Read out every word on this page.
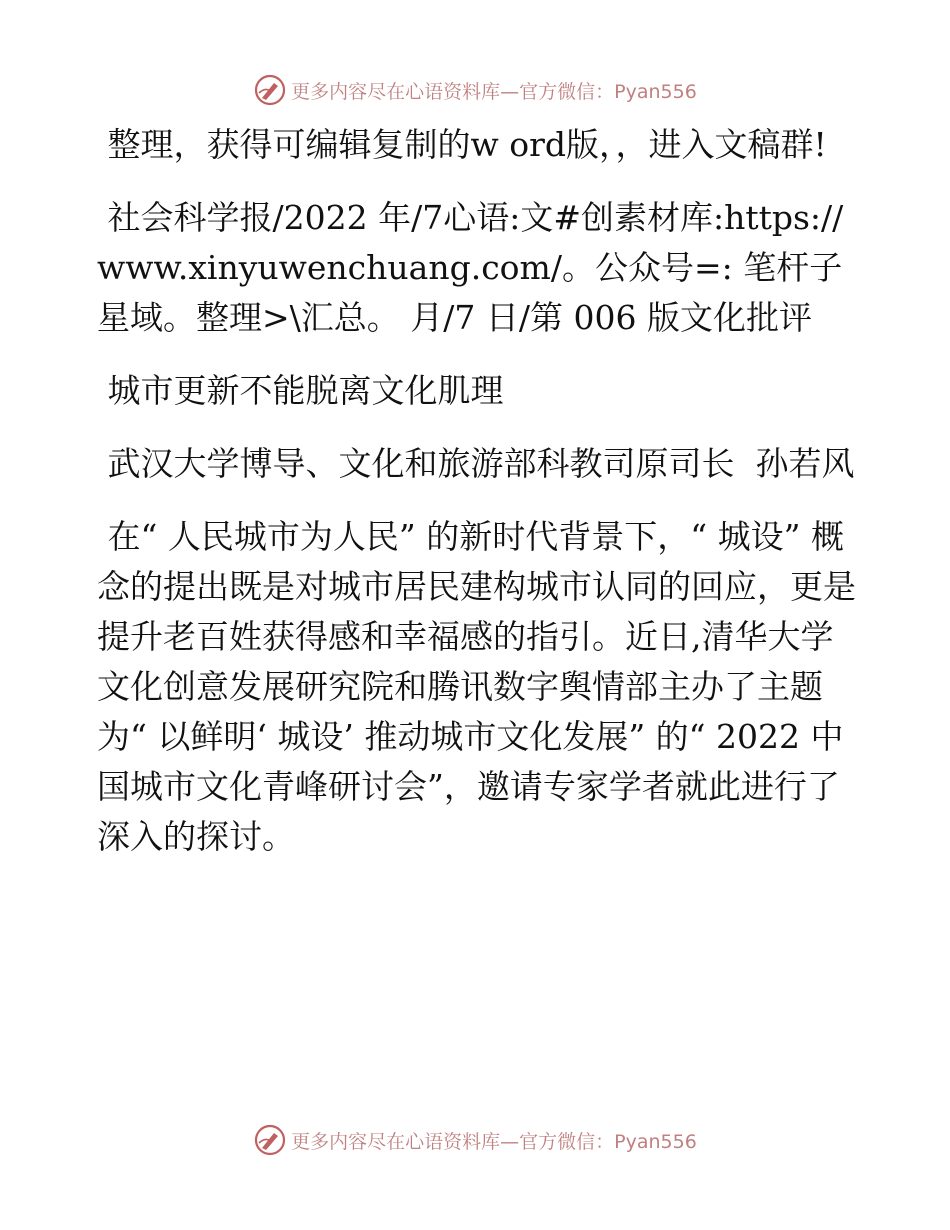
更多内容尽在心语资料库—官方微信：Pyan556

整理，获得可编辑复制的w ord版，，进入文稿群!

社会科学报/2022 年/7心语:文#创素材库:https://www.xinyuwenchuang.com/。公众号=: 笔杆子星域。整理>\汇总。 月/7 日/第 006 版文化批评

城市更新不能脱离文化肌理

武汉大学博导、文化和旅游部科教司原司长  孙若风

在“ 人民城市为人民” 的新时代背景下，“ 城设” 概念的提出既是对城市居民建构城市认同的回应，更是提升老百姓获得感和幸福感的指引。近日,清华大学文化创意发展研究院和腾讯数字舆情部主办了主题为“ 以鲜明‘ 城设’ 推动城市文化发展” 的“ 2022 中国城市文化青峰研讨会”，邀请专家学者就此进行了深入的探讨。

更多内容尽在心语资料库—官方微信：Pyan556
